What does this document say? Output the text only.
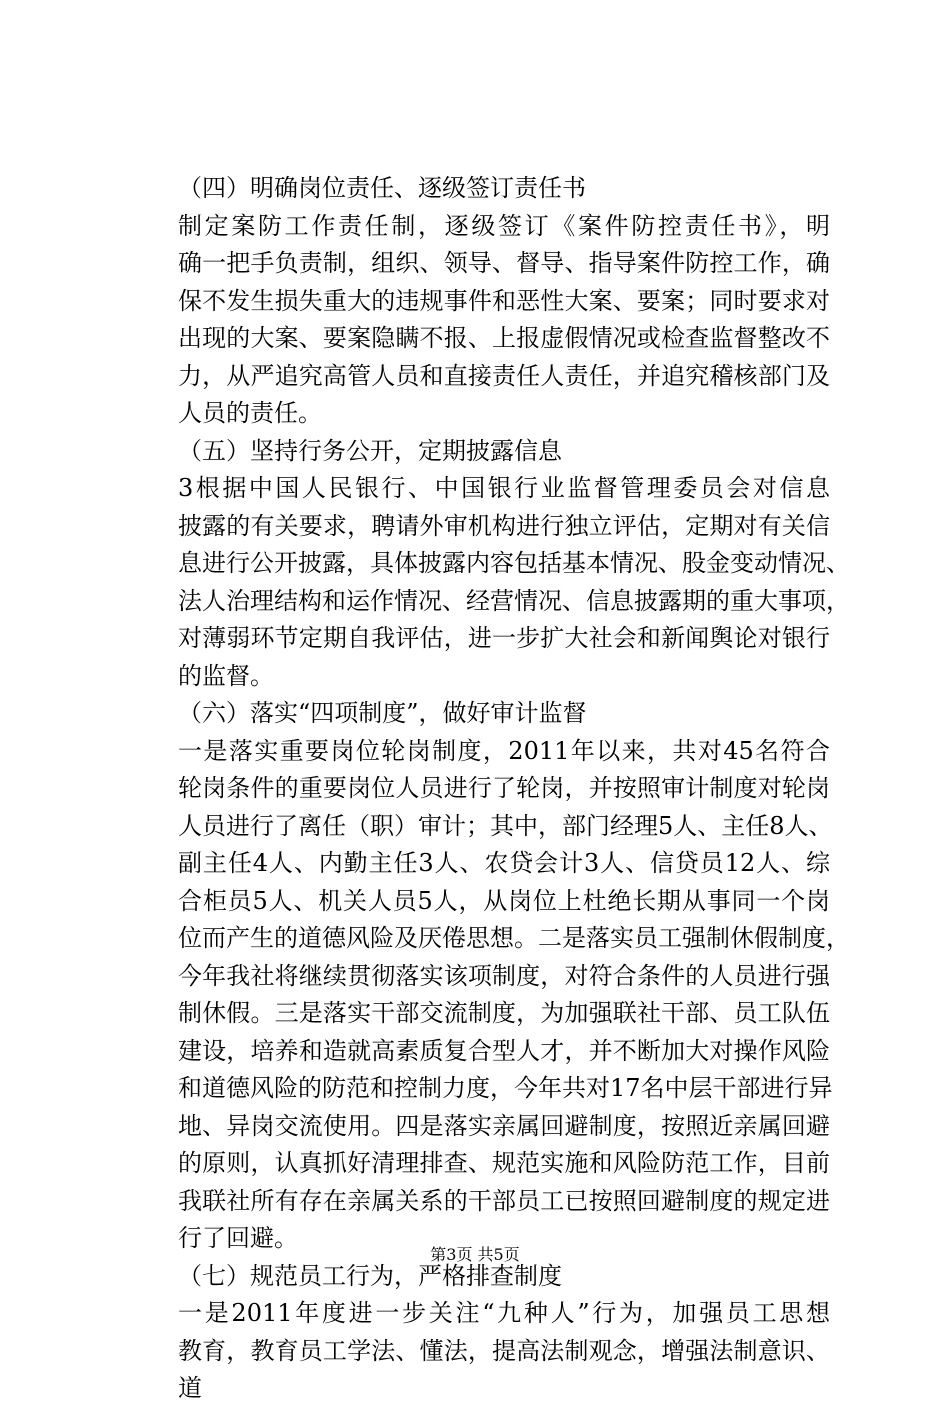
（四）明确岗位责任、逐级签订责任书

制定案防工作责任制，逐级签订《案件防控责任书》，明
确一把手负责制，组织、领导、督导、指导案件防控工作，确
保不发生损失重大的违规事件和恶性大案、要案；同时要求对
出现的大案、要案隐瞒不报、上报虚假情况或检查监督整改不
力，从严追究高管人员和直接责任人责任，并追究稽核部门及
人员的责任。

（五）坚持行务公开，定期披露信息

3根据中国人民银行、中国银行业监督管理委员会对信息
披露的有关要求，聘请外审机构进行独立评估，定期对有关信
息进行公开披露，具体披露内容包括基本情况、股金变动情况、
法人治理结构和运作情况、经营情况、信息披露期的重大事项，
对薄弱环节定期自我评估，进一步扩大社会和新闻舆论对银行
的监督。

（六）落实“四项制度”，做好审计监督

一是落实重要岗位轮岗制度，2011年以来，共对45名符合
轮岗条件的重要岗位人员进行了轮岗，并按照审计制度对轮岗
人员进行了离任（职）审计；其中，部门经理5人、主任8人、
副主任4人、内勤主任3人、农贷会计3人、信贷员12人、综
合柜员5人、机关人员5人，从岗位上杜绝长期从事同一个岗
位而产生的道德风险及厌倦思想。二是落实员工强制休假制度，
今年我社将继续贯彻落实该项制度，对符合条件的人员进行强
制休假。三是落实干部交流制度，为加强联社干部、员工队伍
建设，培养和造就高素质复合型人才，并不断加大对操作风险
和道德风险的防范和控制力度，今年共对17名中层干部进行异
地、异岗交流使用。四是落实亲属回避制度，按照近亲属回避
的原则，认真抓好清理排查、规范实施和风险防范工作，目前
我联社所有存在亲属关系的干部员工已按照回避制度的规定进
行了回避。

（七）规范员工行为，严格排查制度

一是2011年度进一步关注“九种人”行为，加强员工思想
教育，教育员工学法、懂法，提高法制观念，增强法制意识、
道
第3页 共5页
